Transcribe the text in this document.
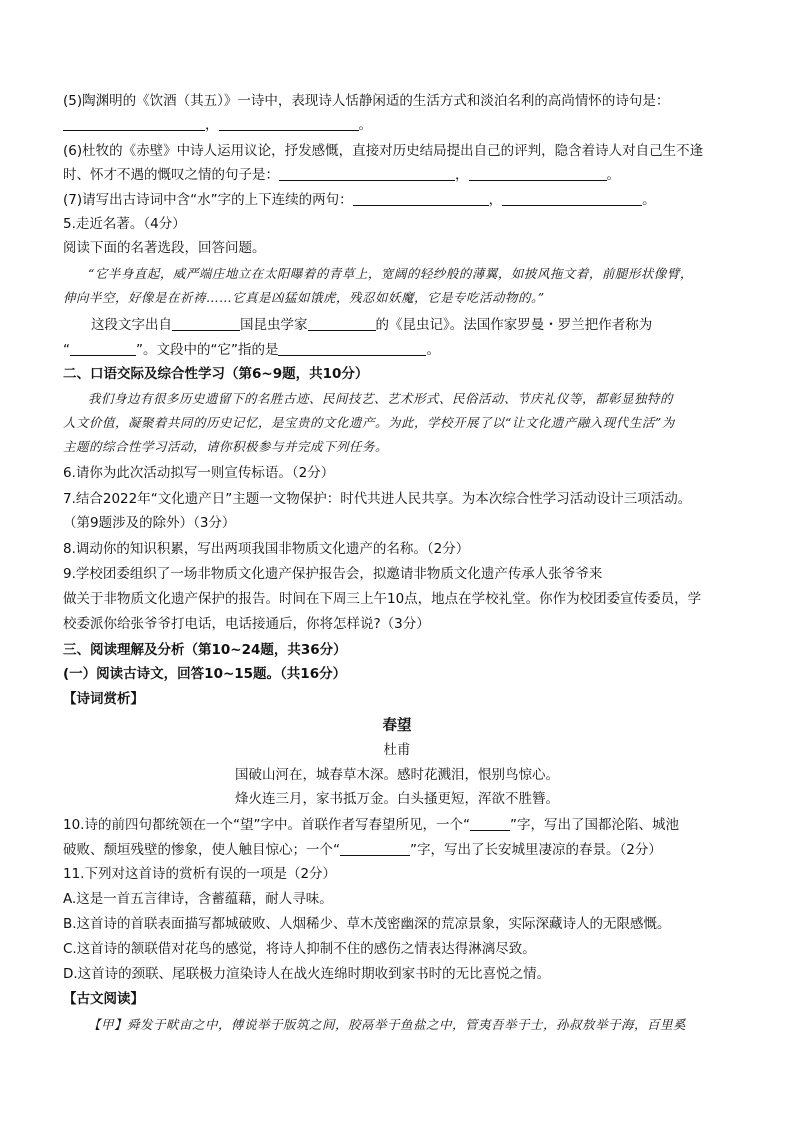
(5)陶渊明的《饮酒（其五）》一诗中，表现诗人恬静闲适的生活方式和淡泊名利的高尚情怀的诗句是：
，	。
(6)杜牧的《赤壁》中诗人运用议论，抒发感慨，直接对历史结局提出自己的评判，隐含着诗人对自己生不逢
时、怀才不遇的慨叹之情的句子是：	，	。
(7)请写出古诗词中含“水”字的上下连续的两句：	，	。
5.走近名著。（4分）
阅读下面的名著选段，回答问题。
“它半身直起，威严端庄地立在太阳曝着的青草上，宽阔的轻纱般的薄翼，如披风拖文着，前腿形状像臂，
伸向半空，好像是在祈祷……它真是凶猛如饿虎，残忍如妖魔，它是专吃活动物的。”
这段文字出自	国昆虫学家	的《昆虫记》。法国作家罗曼・罗兰把作者称为
“	”。文段中的“它”指的是	。
二、口语交际及综合性学习（第6~9题，共10分）
我们身边有很多历史遗留下的名胜古迹、民间技艺、艺术形式、民俗活动、节庆礼仪等，都彰显独特的
人文价值，凝聚着共同的历史记忆，是宝贵的文化遗产。为此，学校开展了以“让文化遗产融入现代生活”为
主题的综合性学习活动，请你积极参与并完成下列任务。
6.请你为此次活动拟写一则宣传标语。（2分）
7.结合2022年“文化遗产日”主题一文物保护：时代共进人民共享。为本次综合性学习活动设计三项活动。
（第9题涉及的除外）（3分）
8.调动你的知识积累，写出两项我国非物质文化遗产的名称。（2分）
9.学校团委组织了一场非物质文化遗产保护报告会，拟邀请非物质文化遗产传承人张爷爷来
做关于非物质文化遗产保护的报告。时间在下周三上午10点，地点在学校礼堂。你作为校团委宣传委员，学
校委派你给张爷爷打电话，电话接通后，你将怎样说?（3分）
三、阅读理解及分析（第10~24题，共36分）
(一）阅读古诗文，回答10~15题。（共16分）
【诗词赏析】
春望
杜甫
国破山河在，城春草木深。感时花溅泪，恨别鸟惊心。
烽火连三月，家书抵万金。白头搔更短，浑欲不胜簪。
10.诗的前四句都统领在一个“望”字中。首联作者写春望所见，一个“	”字，写出了国都沦陷、城池
破败、颓垣残壁的惨象，使人触目惊心；一个“	”字，写出了长安城里凄凉的春景。（2分）
11.下列对这首诗的赏析有误的一项是（2分）
A.这是一首五言律诗，含蓄蕴藉，耐人寻味。
B.这首诗的首联表面描写都城破败、人烟稀少、草木茂密幽深的荒凉景象，实际深藏诗人的无限感慨。
C.这首诗的颔联借对花鸟的感觉，将诗人抑制不住的感伤之情表达得淋漓尽致。
D.这首诗的颈联、尾联极力渲染诗人在战火连绵时期收到家书时的无比喜悦之情。
【古文阅读】
【甲】舜发于畎亩之中，傅说举于版筑之间，胶鬲举于鱼盐之中，管夷吾举于士，孙叔敖举于海，百里奚
